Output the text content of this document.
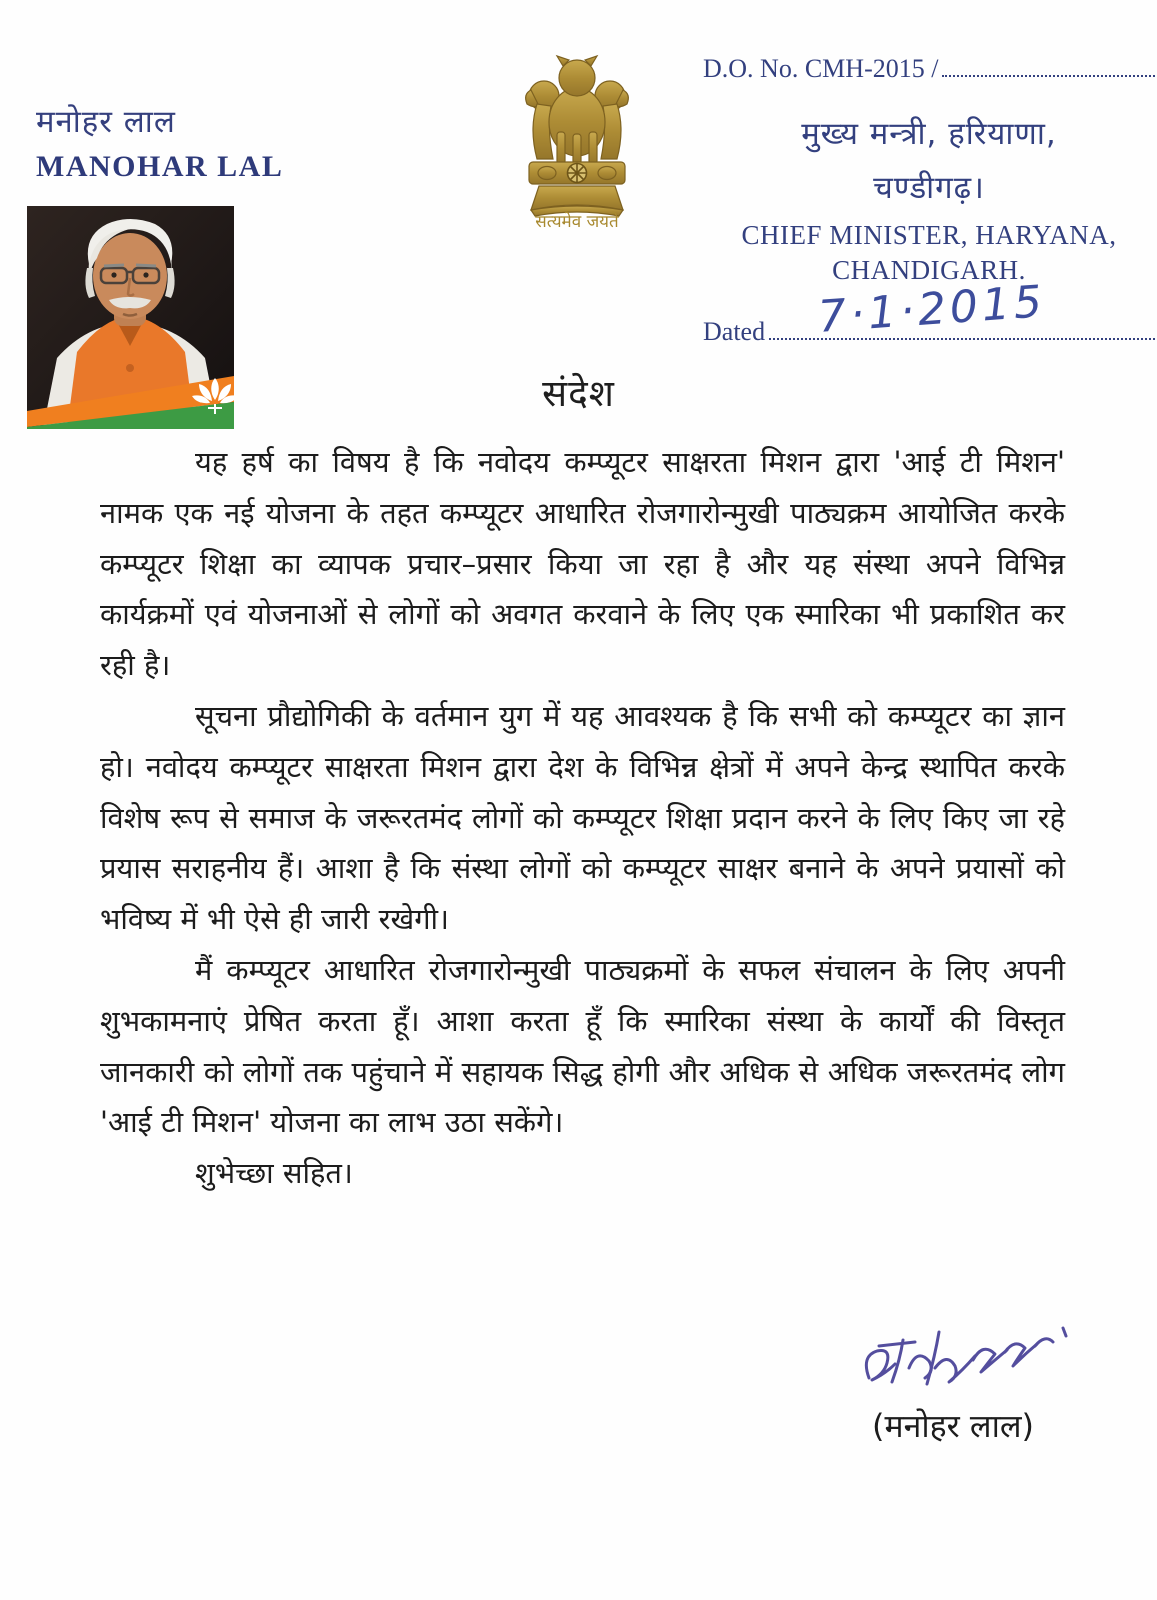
मनोहर लाल
MANOHAR LAL
सत्यमेव जयते
D.O. No. CMH-2015 /
मुख्य मन्त्री, हरियाणा,
चण्डीगढ़।
CHIEF MINISTER, HARYANA,
CHANDIGARH.
Dated 7·1·2015
संदेश

यह हर्ष का विषय है कि नवोदय कम्प्यूटर साक्षरता मिशन द्वारा 'आई टी मिशन' नामक एक नई योजना के तहत कम्प्यूटर आधारित रोजगारोन्मुखी पाठ्यक्रम आयोजित करके कम्प्यूटर शिक्षा का व्यापक प्रचार–प्रसार किया जा रहा है और यह संस्था अपने विभिन्न कार्यक्रमों एवं योजनाओं से लोगों को अवगत करवाने के लिए एक स्मारिका भी प्रकाशित कर रही है।

सूचना प्रौद्योगिकी के वर्तमान युग में यह आवश्यक है कि सभी को कम्प्यूटर का ज्ञान हो। नवोदय कम्प्यूटर साक्षरता मिशन द्वारा देश के विभिन्न क्षेत्रों में अपने केन्द्र स्थापित करके विशेष रूप से समाज के जरूरतमंद लोगों को कम्प्यूटर शिक्षा प्रदान करने के लिए किए जा रहे प्रयास सराहनीय हैं। आशा है कि संस्था लोगों को कम्प्यूटर साक्षर बनाने के अपने प्रयासों को भविष्य में भी ऐसे ही जारी रखेगी।

मैं कम्प्यूटर आधारित रोजगारोन्मुखी पाठ्यक्रमों के सफल संचालन के लिए अपनी शुभकामनाएं प्रेषित करता हूँ। आशा करता हूँ कि स्मारिका संस्था के कार्यों की विस्तृत जानकारी को लोगों तक पहुंचाने में सहायक सिद्ध होगी और अधिक से अधिक जरूरतमंद लोग 'आई टी मिशन' योजना का लाभ उठा सकेंगे।

शुभेच्छा सहित।
(मनोहर लाल)
